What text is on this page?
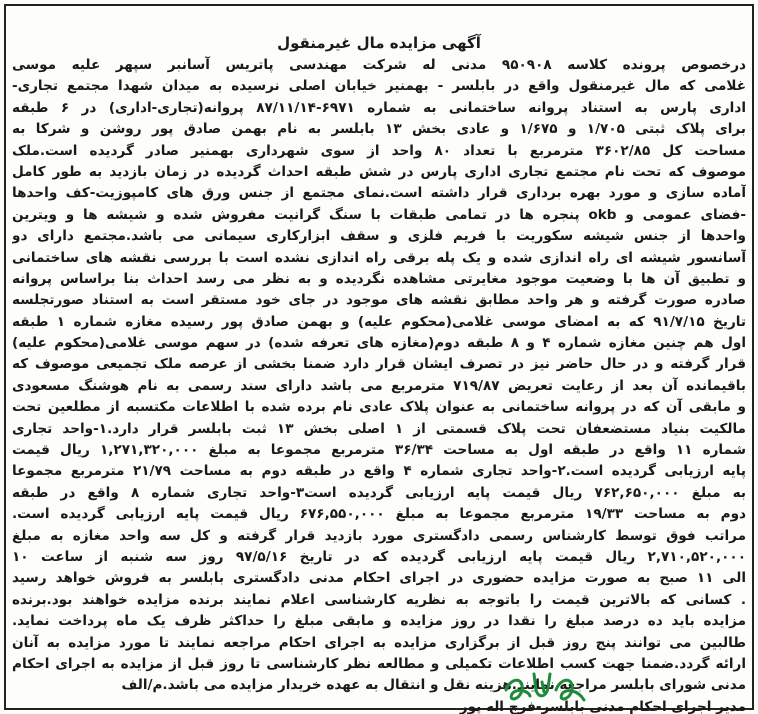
آگهی مزایده مال غیرمنقول
درخصوص پرونده کلاسه ۹۵۰۹۰۸ مدنی له شرکت مهندسی پاتریس آسانبر سپهر علیه موسی
غلامی که مال غیرمنقول واقع در بابلسر - بهمنیر خیابان اصلی نرسیده به میدان شهدا مجتمع تجاری-
اداری پارس به استناد پروانه ساختمانی به شماره ۶۹۷۱-۸۷/۱۱/۱۴ پروانه(تجاری-اداری) در ۶ طبقه
برای پلاک ثبتی ۱/۷۰۵ و ۱/۶۷۵ و عادی بخش ۱۳ بابلسر به نام بهمن صادق پور روشن و شرکا به
مساحت کل ۳۶۰۲/۸۵ مترمربع با تعداد ۸۰ واحد از سوی شهرداری بهمنیر صادر گردیده است.ملک
موصوف که تحت نام مجتمع تجاری اداری پارس در شش طبقه احداث گردیده در زمان بازدید به طور کامل
آماده سازی و مورد بهره برداری قرار داشته است.نمای مجتمع از جنس ورق های کامپوزیت-کف واحدها
-فضای عمومی و okb پنجره ها در تمامی طبقات با سنگ گرانیت مفروش شده و شیشه ها و ویترین
واحدها از جنس شیشه سکوریت با فریم فلزی و سقف ابزارکاری سیمانی می باشد.مجتمع دارای دو
آسانسور شیشه ای راه اندازی شده و یک پله برقی راه اندازی نشده است با بررسی نقشه های ساختمانی
و تطبیق آن ها با وضعیت موجود مغایرتی مشاهده نگردیده و به نظر می رسد احداث بنا براساس پروانه
صادره صورت گرفته و هر واحد مطابق نقشه های موجود در جای خود مستقر است به استناد صورتجلسه
تاریخ ۹۱/۷/۱۵ که به امضای موسی غلامی(محکوم علیه) و بهمن صادق پور رسیده مغازه شماره ۱ طبقه
اول هم چنین مغازه شماره ۴ و ۸ طبقه دوم(مغازه های تعرفه شده) در سهم موسی غلامی(محکوم علیه)
قرار گرفته و در حال حاضر نیز در تصرف ایشان قرار دارد ضمنا بخشی از عرصه ملک تجمیعی موصوف که
باقیمانده آن بعد از رعایت تعریض ۷۱۹/۸۷ مترمربع می باشد دارای سند رسمی به نام هوشنگ مسعودی
و مابقی آن که در پروانه ساختمانی به عنوان پلاک عادی نام برده شده با اطلاعات مکتسبه از مطلعین تحت
مالکیت بنیاد مستضعفان تحت پلاک قسمتی از ۱ اصلی بخش ۱۳ ثبت بابلسر قرار دارد.۱-واحد تجاری
شماره ۱۱ واقع در طبقه اول به مساحت ۳۶/۳۴ مترمربع مجموعا به مبلغ ۱,۲۷۱,۳۲۰,۰۰۰ ریال قیمت
پایه ارزیابی گردیده است.۲-واحد تجاری شماره ۴ واقع در طبقه دوم به مساحت ۲۱/۷۹ مترمربع مجموعا
به مبلغ ۷۶۲,۶۵۰,۰۰۰ ریال قیمت پایه ارزیابی گردیده است۳-واحد تجاری شماره ۸ واقع در طبقه
دوم به مساحت ۱۹/۳۳ مترمربع مجموعا به مبلغ ۶۷۶,۵۵۰,۰۰۰ ریال قیمت پایه ارزیابی گردیده است.
مراتب فوق توسط کارشناس رسمی دادگستری مورد بازدید قرار گرفته و کل سه واحد مغازه به مبلغ
۲,۷۱۰,۵۲۰,۰۰۰ ریال قیمت پایه ارزیابی گردیده که در تاریخ ۹۷/۵/۱۶ روز سه شنبه از ساعت ۱۰
الی ۱۱ صبح به صورت مزایده حضوری در اجرای احکام مدنی دادگستری بابلسر به فروش خواهد رسید
. کسانی که بالاترین قیمت را باتوجه به نظریه کارشناسی اعلام نمایند برنده مزایده خواهند بود.برنده
مزایده باید ده درصد مبلغ را نقدا در روز مزایده و مابقی مبلغ را حداکثر ظرف یک ماه پرداخت نماید.
طالبین می توانند پنج روز قبل از برگزاری مزایده به اجرای احکام مراجعه نمایند تا مورد مزایده به آنان
ارائه گردد.ضمنا جهت کسب اطلاعات تکمیلی و مطالعه نظر کارشناسی تا روز قبل از مزایده به اجرای احکام
مدنی شورای بابلسر مراجعه نمایند.هزینه نقل و انتقال به عهده خریدار مزایده می باشد.م/الف
مدیر اجرای احکام مدنی بابلسر-فرج اله پور
